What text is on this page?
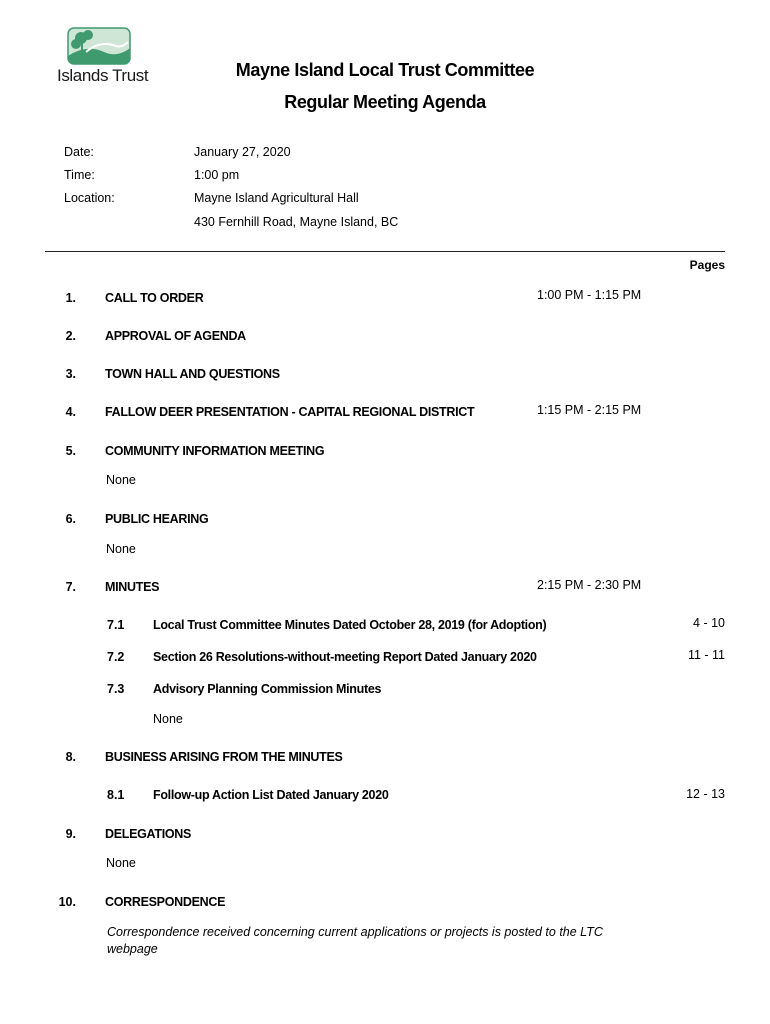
Islands Trust	Mayne Island Local Trust Committee
Regular Meeting Agenda
Date:	January 27, 2020
Time:	1:00 pm
Location:	Mayne Island Agricultural Hall
430 Fernhill Road, Mayne Island, BC
Pages
1. CALL TO ORDER	1:00 PM - 1:15 PM
2. APPROVAL OF AGENDA
3. TOWN HALL AND QUESTIONS
4. FALLOW DEER PRESENTATION - CAPITAL REGIONAL DISTRICT	1:15 PM - 2:15 PM
5. COMMUNITY INFORMATION MEETING
None
6. PUBLIC HEARING
None
7. MINUTES	2:15 PM - 2:30 PM
7.1 Local Trust Committee Minutes Dated October 28, 2019 (for Adoption)	4 - 10
7.2 Section 26 Resolutions-without-meeting Report Dated January 2020	11 - 11
7.3 Advisory Planning Commission Minutes
None
8. BUSINESS ARISING FROM THE MINUTES
8.1 Follow-up Action List Dated January 2020	12 - 13
9. DELEGATIONS
None
10. CORRESPONDENCE
Correspondence received concerning current applications or projects is posted to the LTC webpage
